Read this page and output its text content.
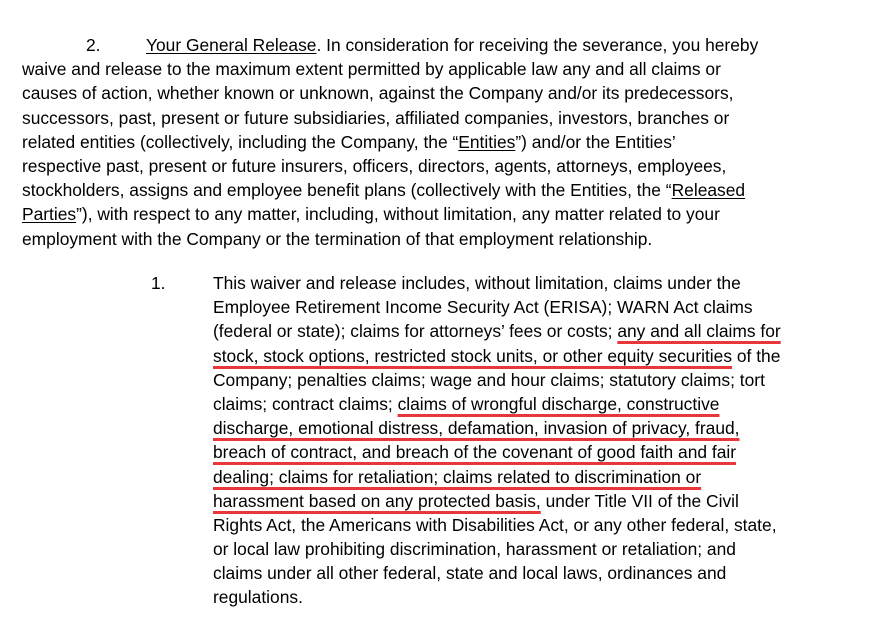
2.	Your General Release. In consideration for receiving the severance, you hereby
waive and release to the maximum extent permitted by applicable law any and all claims or
causes of action, whether known or unknown, against the Company and/or its predecessors,
successors, past, present or future subsidiaries, affiliated companies, investors, branches or
related entities (collectively, including the Company, the “Entities”) and/or the Entities’
respective past, present or future insurers, officers, directors, agents, attorneys, employees,
stockholders, assigns and employee benefit plans (collectively with the Entities, the “Released
Parties”), with respect to any matter, including, without limitation, any matter related to your
employment with the Company or the termination of that employment relationship.
1.	This waiver and release includes, without limitation, claims under the
Employee Retirement Income Security Act (ERISA); WARN Act claims
(federal or state); claims for attorneys’ fees or costs; any and all claims for
stock, stock options, restricted stock units, or other equity securities of the
Company; penalties claims; wage and hour claims; statutory claims; tort
claims; contract claims; claims of wrongful discharge, constructive
discharge, emotional distress, defamation, invasion of privacy, fraud,
breach of contract, and breach of the covenant of good faith and fair
dealing; claims for retaliation; claims related to discrimination or
harassment based on any protected basis, under Title VII of the Civil
Rights Act, the Americans with Disabilities Act, or any other federal, state,
or local law prohibiting discrimination, harassment or retaliation; and
claims under all other federal, state and local laws, ordinances and
regulations.
